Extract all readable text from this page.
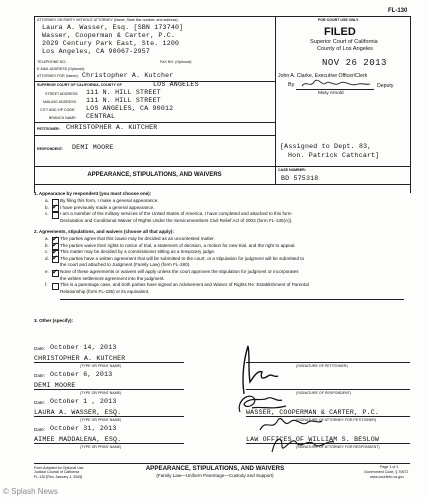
FL-130
ATTORNEY OR PARTY WITHOUT ATTORNEY (Name, State Bar number, and address):
Laura A. Wasser, Esq. [SBN 173740]
Wasser, Cooperman & Carter, P.C.
2029 Century Park East, Ste. 1200
Los Angeles, CA 90067-2957
TELEPHONE NO.:	FAX NO. (Optional):
E-MAIL ADDRESS (Optional):
ATTORNEY FOR (Name): Christopher A. Kutcher
SUPERIOR COURT OF CALIFORNIA, COUNTY OF	LOS ANGELES
STREET ADDRESS: 111 N. HILL STREET
MAILING ADDRESS: 111 N. HILL STREET
CITY AND ZIP CODE: LOS ANGELES, CA 90012
BRANCH NAME: CENTRAL
PETITIONER: CHRISTOPHER A. KUTCHER
RESPONDENT: DEMI MOORE
FOR COURT USE ONLY
FILED
Superior Court of California
County of Los Angeles
NOV 26 2013
John A. Clarke, Executive Officer/Clerk
By	Deputy
Mary Arnold
[Assigned to Dept. 83,
Hon. Patrick Cathcart]
APPEARANCE, STIPULATIONS, AND WAIVERS
CASE NUMBER:
BD 575318
1. Appearance by respondent (you must choose one):
a. By filing this form, I make a general appearance.
b. ✔ I have previously made a general appearance.
c. I am a member of the military services of the United States of America. I have completed and attached to this form
Declaration and Conditional Waiver of Rights Under the Servicemembers Civil Relief Act of 2003 (form FL-130(A)).
2. Agreements, stipulations, and waivers (choose all that apply):
a. ✔ The parties agree that this cause may be decided as an uncontested matter.
b. ✔ The parties waive their rights to notice of trial, a statement of decision, a motion for new trial, and the right to appeal.
c. ✔ This matter may be decided by a commissioner sitting as a temporary judge.
d. ✔ The parties have a written agreement that will be submitted to the court, or a stipulation for judgment will be submitted to
the court and attached to Judgment (Family Law) (form FL-180).
e. ✔ None of these agreements or waivers will apply unless the court approves the stipulation for judgment or incorporates
the written settlement agreement into the judgment.
f.	This is a parentage case, and both parties have signed an Advisement and Waiver of Rights Re: Establishment of Parental
Relationship (form FL-235) or its equivalent.
3. Other (specify):
Date: October 14, 2013
CHRISTOPHER A. KUTCHER
(TYPE OR PRINT NAME)	(SIGNATURE OF PETITIONER)
Date: October 6, 2013
DEMI MOORE
(TYPE OR PRINT NAME)	(SIGNATURE OF RESPONDENT)
Date: October 1 , 2013
LAURA A. WASSER, ESQ.
(TYPE OR PRINT NAME)	(SIGNATURE OF ATTORNEY FOR PETITIONER)
WASSER, COOPERMAN & CARTER, P.C.
Date: October 31, 2013
AIMEE MADDALENA, ESQ.
(TYPE OR PRINT NAME)	(SIGNATURE OF ATTORNEY FOR RESPONDENT)
LAW OFFICES OF WILLIAM S. BESLOW
Form Adopted for Optional Use
Judicial Council of California
FL-130 [Rev. January 1, 2005]
APPEARANCE, STIPULATIONS, AND WAIVERS
(Family Law—Uniform Parentage—Custody and Support)
Page 1 of 1
Government Code, § 70672
www.courtinfo.ca.gov
© Splash News
